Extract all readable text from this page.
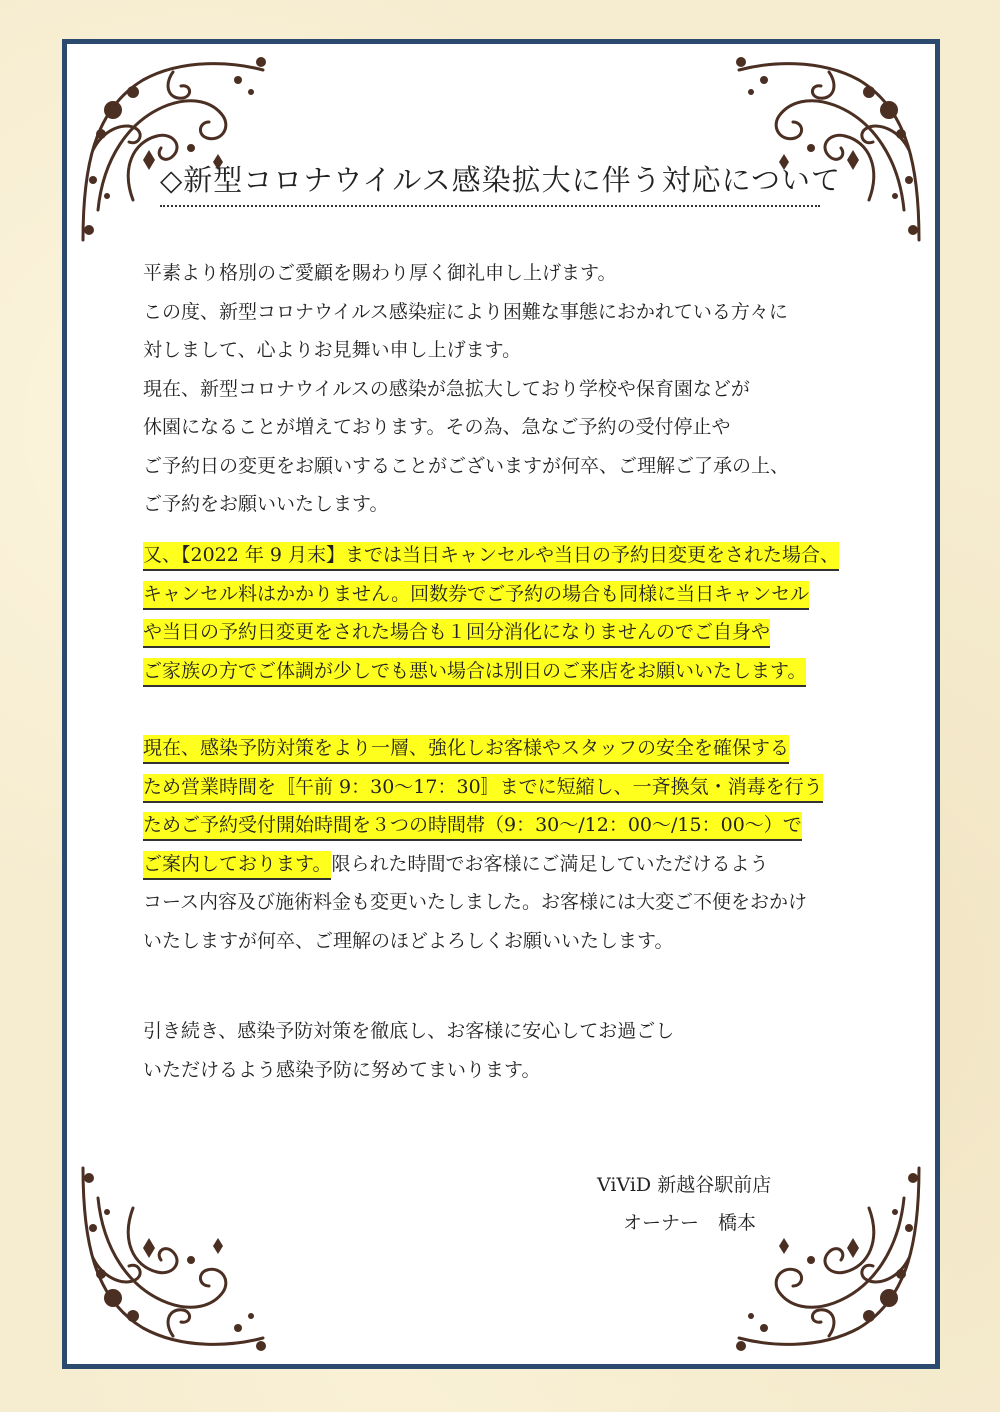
◇新型コロナウイルス感染拡大に伴う対応について
平素より格別のご愛顧を賜わり厚く御礼申し上げます。
この度、新型コロナウイルス感染症により困難な事態におかれている方々に
対しまして、心よりお見舞い申し上げます。
現在、新型コロナウイルスの感染が急拡大しており学校や保育園などが
休園になることが増えております。その為、急なご予約の受付停止や
ご予約日の変更をお願いすることがございますが何卒、ご理解ご了承の上、
ご予約をお願いいたします。
又、【2022 年 9 月末】までは当日キャンセルや当日の予約日変更をされた場合、
キャンセル料はかかりません。回数券でご予約の場合も同様に当日キャンセル
や当日の予約日変更をされた場合も１回分消化になりませんのでご自身や
ご家族の方でご体調が少しでも悪い場合は別日のご来店をお願いいたします。
現在、感染予防対策をより一層、強化しお客様やスタッフの安全を確保する
ため営業時間を〚午前 9：30〜17：30〛までに短縮し、一斉換気・消毒を行う
ためご予約受付開始時間を３つの時間帯（9：30〜/12：00〜/15：00〜）で
ご案内しております。限られた時間でお客様にご満足していただけるよう
コース内容及び施術料金も変更いたしました。お客様には大変ご不便をおかけ
いたしますが何卒、ご理解のほどよろしくお願いいたします。
引き続き、感染予防対策を徹底し、お客様に安心してお過ごし
いただけるよう感染予防に努めてまいります。
ViViD 新越谷駅前店
オーナー　橋本
